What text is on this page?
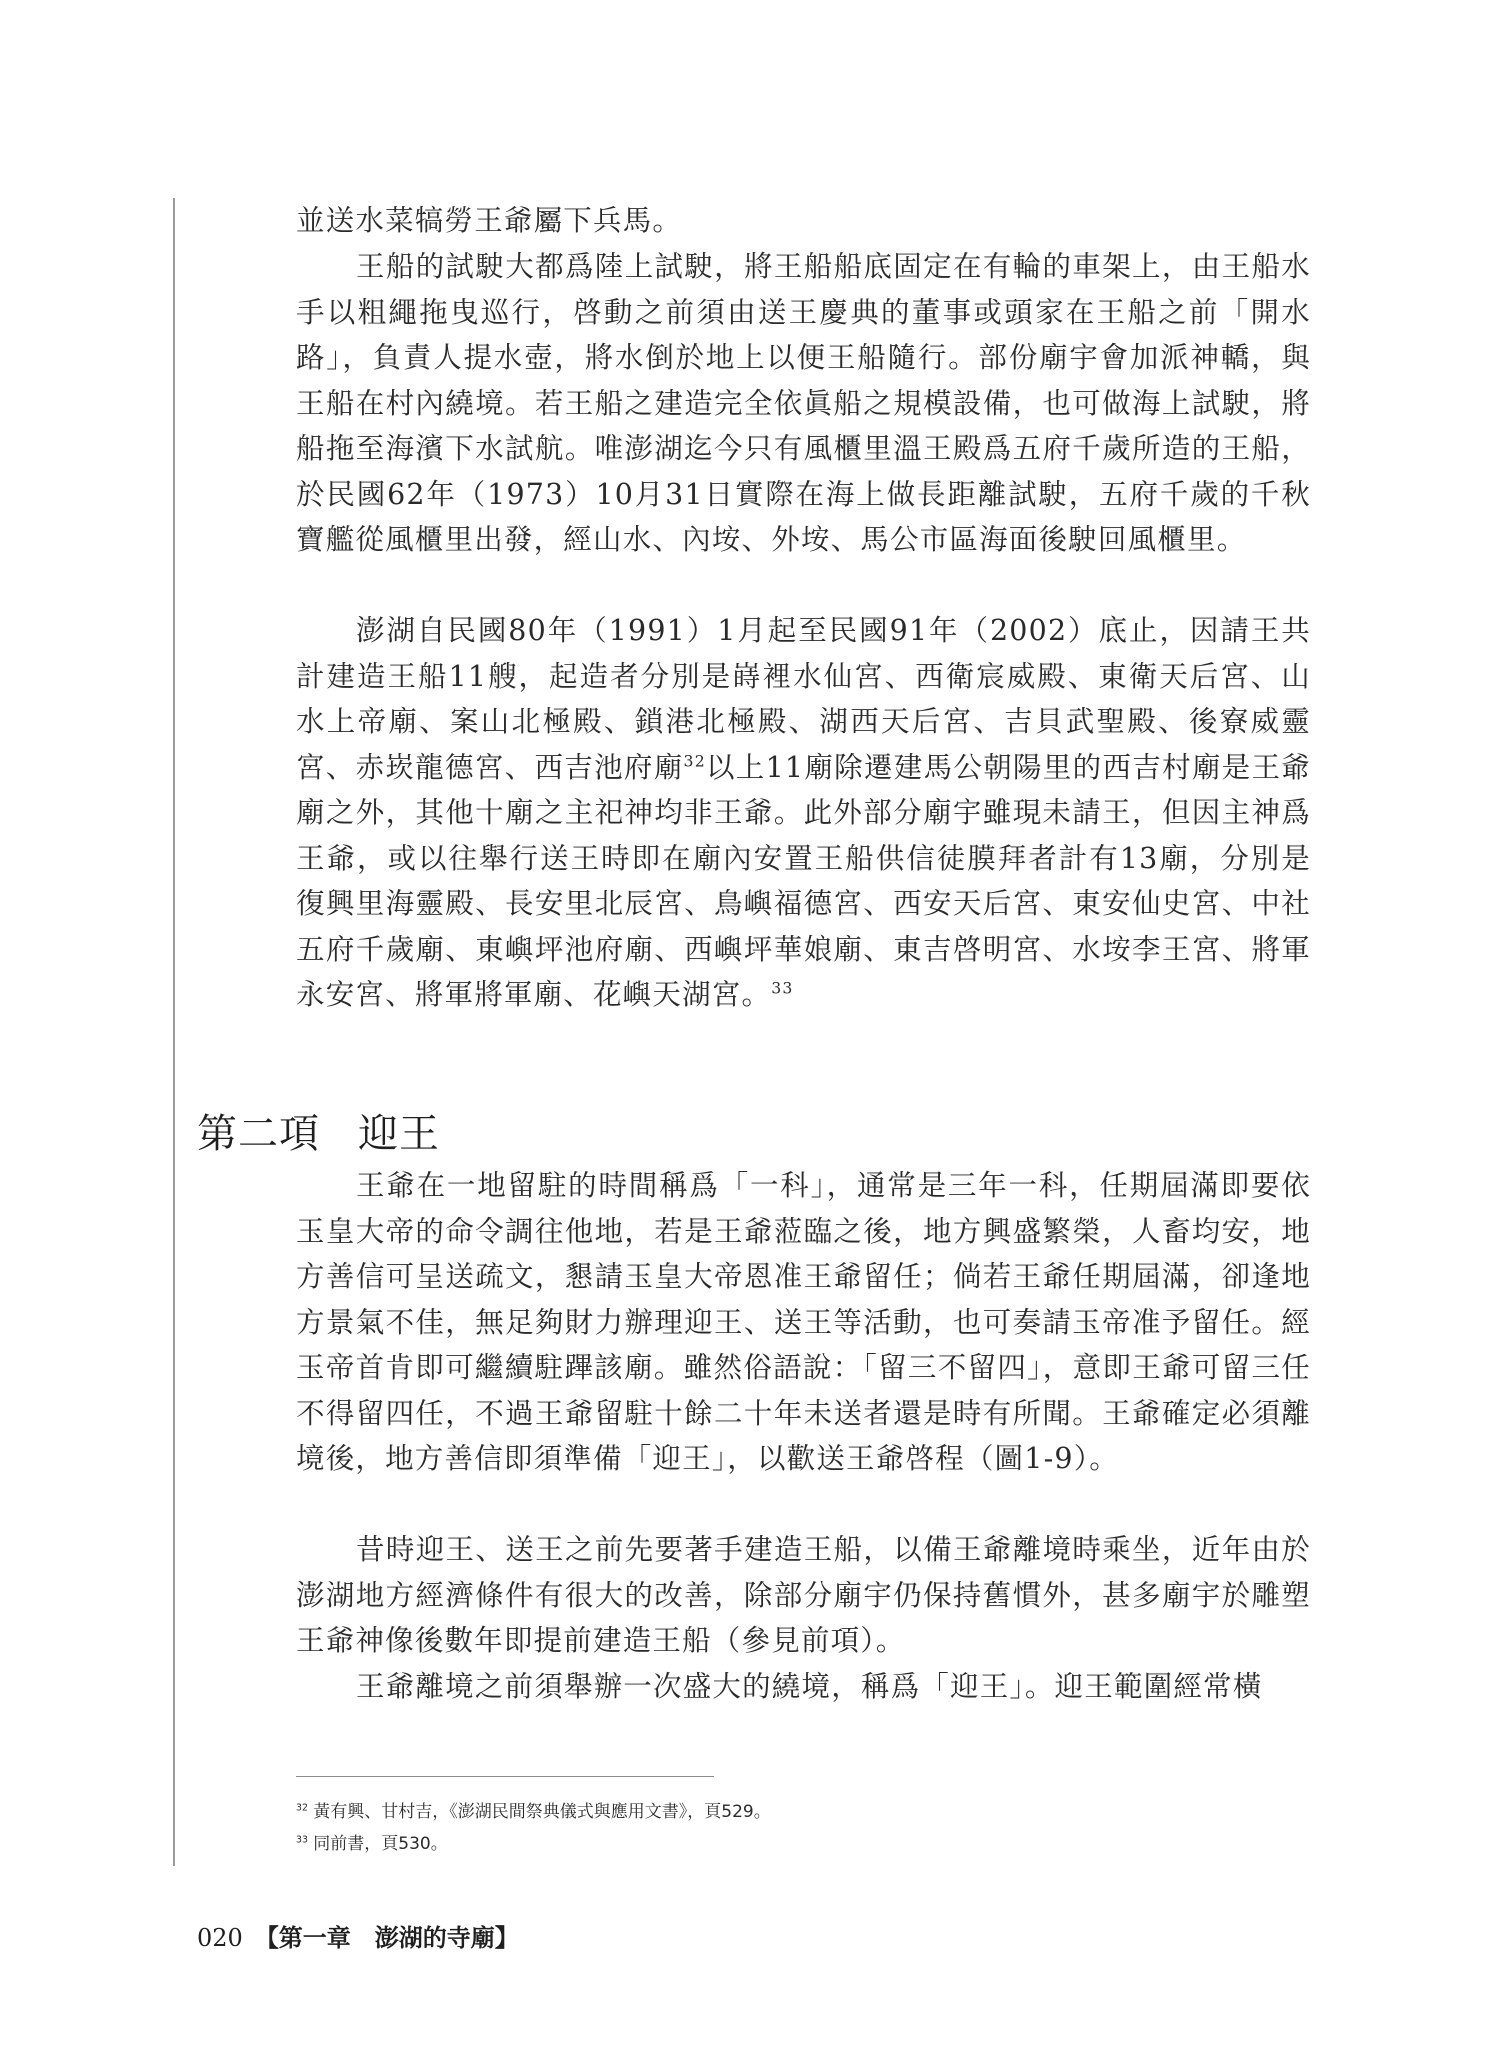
並送水菜犒勞王爺屬下兵馬。

王船的試駛大都爲陸上試駛，將王船船底固定在有輪的車架上，由王船水手以粗繩拖曳巡行，啓動之前須由送王慶典的董事或頭家在王船之前「開水路」，負責人提水壺，將水倒於地上以便王船隨行。部份廟宇會加派神轎，與王船在村內繞境。若王船之建造完全依眞船之規模設備，也可做海上試駛，將船拖至海濱下水試航。唯澎湖迄今只有風櫃里溫王殿爲五府千歲所造的王船，於民國62年（1973）10月31日實際在海上做長距離試駛，五府千歲的千秋寶艦從風櫃里出發，經山水、內垵、外垵、馬公市區海面後駛回風櫃里。

澎湖自民國80年（1991）1月起至民國91年（2002）底止，因請王共計建造王船11艘，起造者分別是嵵裡水仙宮、西衛宸威殿、東衛天后宮、山水上帝廟、案山北極殿、鎖港北極殿、湖西天后宮、吉貝武聖殿、後寮威靈宮、赤崁龍德宮、西吉池府廟$^{32}$以上11廟除遷建馬公朝陽里的西吉村廟是王爺廟之外，其他十廟之主祀神均非王爺。此外部分廟宇雖現未請王，但因主神爲王爺，或以往舉行送王時即在廟內安置王船供信徒膜拜者計有13廟，分別是復興里海靈殿、長安里北辰宮、鳥嶼福德宮、西安天后宮、東安仙史宮、中社五府千歲廟、東嶼坪池府廟、西嶼坪華娘廟、東吉啓明宮、水垵李王宮、將軍永安宮、將軍將軍廟、花嶼天湖宮。$^{33}$

第二項 迎王

王爺在一地留駐的時間稱爲「一科」，通常是三年一科，任期屆滿即要依玉皇大帝的命令調往他地，若是王爺蒞臨之後，地方興盛繁榮，人畜均安，地方善信可呈送疏文，懇請玉皇大帝恩准王爺留任；倘若王爺任期屆滿，卻逢地方景氣不佳，無足夠財力辦理迎王、送王等活動，也可奏請玉帝准予留任。經玉帝首肯即可繼續駐蹕該廟。雖然俗語說：「留三不留四」，意即王爺可留三任不得留四任，不過王爺留駐十餘二十年未送者還是時有所聞。王爺確定必須離境後，地方善信即須準備「迎王」，以歡送王爺啓程（圖1-9）。

昔時迎王、送王之前先要著手建造王船，以備王爺離境時乘坐，近年由於澎湖地方經濟條件有很大的改善，除部分廟宇仍保持舊慣外，甚多廟宇於雕塑王爺神像後數年即提前建造王船（參見前項）。

王爺離境之前須舉辦一次盛大的繞境，稱爲「迎王」。迎王範圍經常橫

$^{32}$ 黃有興、甘村吉，《澎湖民間祭典儀式與應用文書》，頁529。

$^{33}$ 同前書，頁530。

020 【第一章　澎湖的寺廟】
